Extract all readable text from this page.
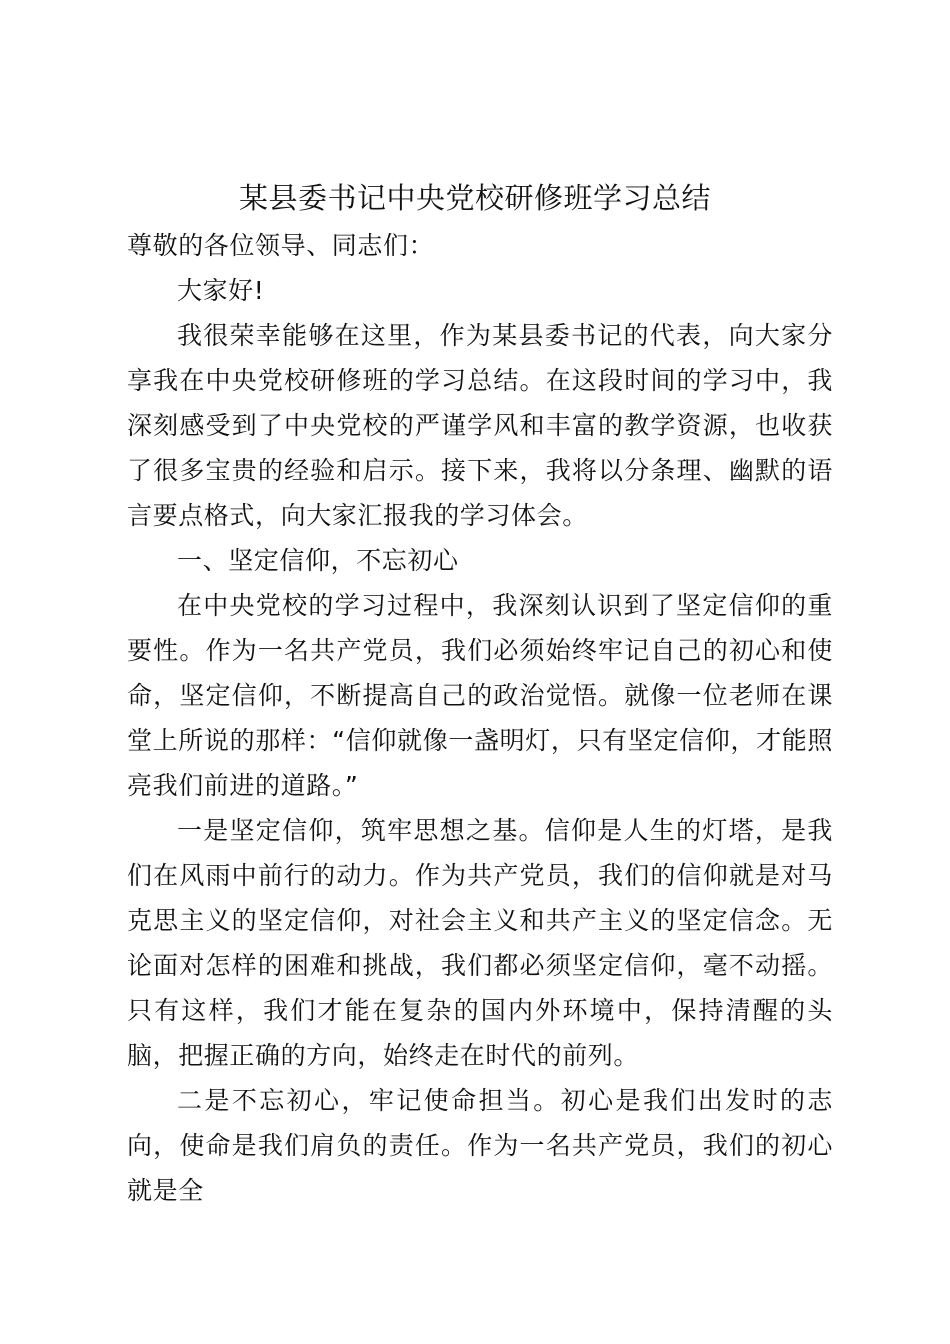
某县委书记中央党校研修班学习总结

尊敬的各位领导、同志们：

大家好!

我很荣幸能够在这里，作为某县委书记的代表，向大家分享我在中央党校研修班的学习总结。在这段时间的学习中，我深刻感受到了中央党校的严谨学风和丰富的教学资源，也收获了很多宝贵的经验和启示。接下来，我将以分条理、幽默的语言要点格式，向大家汇报我的学习体会。

一、坚定信仰，不忘初心

在中央党校的学习过程中，我深刻认识到了坚定信仰的重要性。作为一名共产党员，我们必须始终牢记自己的初心和使命，坚定信仰，不断提高自己的政治觉悟。就像一位老师在课堂上所说的那样：“信仰就像一盏明灯，只有坚定信仰，才能照亮我们前进的道路。”

一是坚定信仰，筑牢思想之基。信仰是人生的灯塔，是我们在风雨中前行的动力。作为共产党员，我们的信仰就是对马克思主义的坚定信仰，对社会主义和共产主义的坚定信念。无论面对怎样的困难和挑战，我们都必须坚定信仰，毫不动摇。只有这样，我们才能在复杂的国内外环境中，保持清醒的头脑，把握正确的方向，始终走在时代的前列。

二是不忘初心，牢记使命担当。初心是我们出发时的志向，使命是我们肩负的责任。作为一名共产党员，我们的初心就是全
